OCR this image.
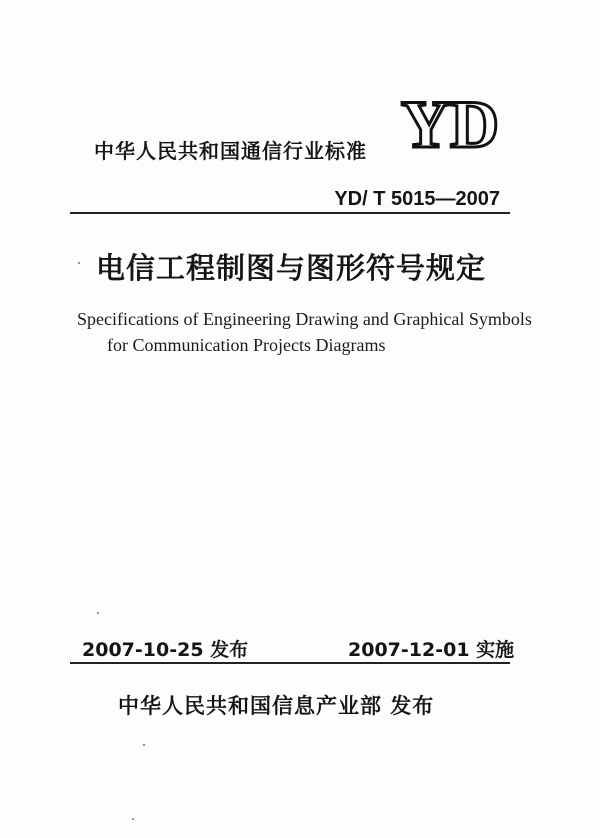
YD
中华人民共和国通信行业标准
YD/ T 5015—2007
电信工程制图与图形符号规定
Specifications of Engineering Drawing and Graphical Symbols
for Communication Projects Diagrams
2007-10-25 发布	2007-12-01 实施
中华人民共和国信息产业部 发布
